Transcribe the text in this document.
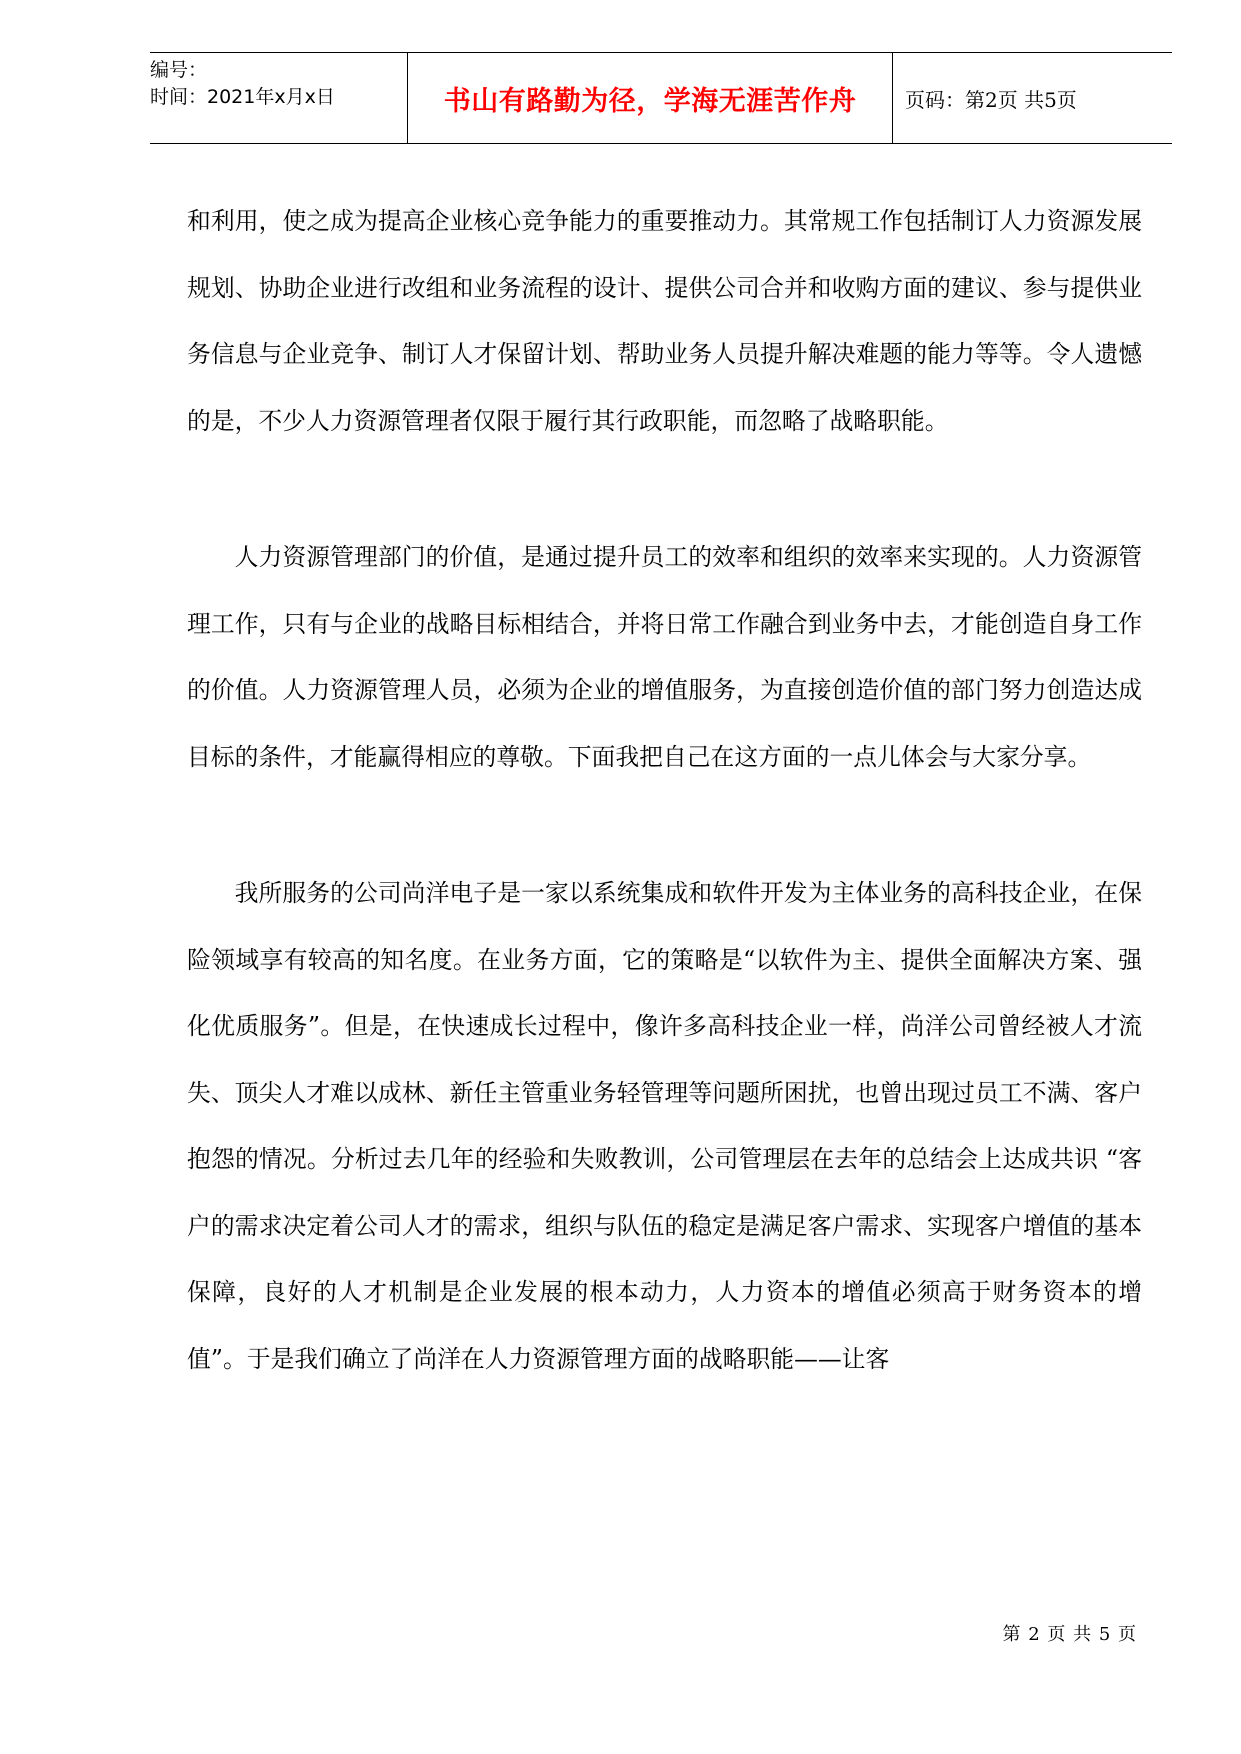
编号：
时间：2021年x月x日	书山有路勤为径，学海无涯苦作舟	页码：第2页 共5页

和利用，使之成为提高企业核心竞争能力的重要推动力。其常规工作包括制订人力资源发展规划、协助企业进行改组和业务流程的设计、提供公司合并和收购方面的建议、参与提供业务信息与企业竞争、制订人才保留计划、帮助业务人员提升解决难题的能力等等。令人遗憾的是，不少人力资源管理者仅限于履行其行政职能，而忽略了战略职能。

人力资源管理部门的价值，是通过提升员工的效率和组织的效率来实现的。人力资源管理工作，只有与企业的战略目标相结合，并将日常工作融合到业务中去，才能创造自身工作的价值。人力资源管理人员，必须为企业的增值服务，为直接创造价值的部门努力创造达成目标的条件，才能赢得相应的尊敬。下面我把自己在这方面的一点儿体会与大家分享。

我所服务的公司尚洋电子是一家以系统集成和软件开发为主体业务的高科技企业，在保险领域享有较高的知名度。在业务方面，它的策略是“以软件为主、提供全面解决方案、强化优质服务”。但是，在快速成长过程中，像许多高科技企业一样，尚洋公司曾经被人才流失、顶尖人才难以成林、新任主管重业务轻管理等问题所困扰，也曾出现过员工不满、客户抱怨的情况。分析过去几年的经验和失败教训，公司管理层在去年的总结会上达成共识 “客户的需求决定着公司人才的需求，组织与队伍的稳定是满足客户需求、实现客户增值的基本保障，良好的人才机制是企业发展的根本动力，人力资本的增值必须高于财务资本的增值”。于是我们确立了尚洋在人力资源管理方面的战略职能——让客

第 2 页 共 5 页
